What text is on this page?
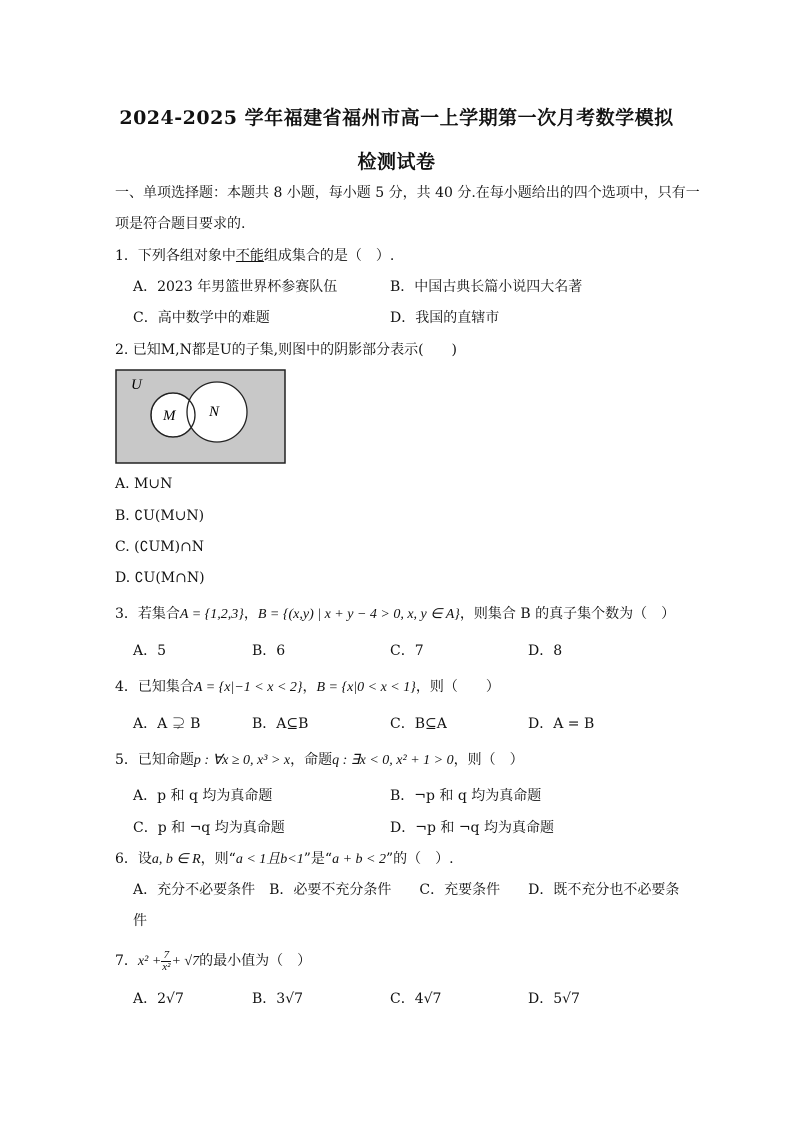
2024-2025 学年福建省福州市高一上学期第一次月考数学模拟
检测试卷
一、单项选择题：本题共 8 小题，每小题 5 分，共 40 分.在每小题给出的四个选项中，只有一
项是符合题目要求的.
1．下列各组对象中不能组成集合的是（　）.
A．2023 年男篮世界杯参赛队伍	B．中国古典长篇小说四大名著
C．高中数学中的难题	D．我国的直辖市
2. 已知M,N都是U的子集,则图中的阴影部分表示(　　)
U
M N
A. M∪N
B. ∁U(M∪N)
C. (∁UM)∩N
D. ∁U(M∩N)
3．若集合A = {1,2,3}，B = {(x,y) | x + y − 4 > 0, x, y ∈ A}，则集合 B 的真子集个数为（　）
A．5	B．6	C．7	D．8
4．已知集合A = {x|−1 < x < 2}，B = {x|0 < x < 1}，则（　　）
A．A ⊋ B	B．A⊆B	C．B⊆A	D．A = B
5．已知命题p : ∀x ≥ 0, x³ > x，命题q : ∃x < 0, x² + 1 > 0，则（　）
A．p 和 q 均为真命题	B．¬p 和 q 均为真命题
C．p 和 ¬q 均为真命题	D．¬p 和 ¬q 均为真命题
6．设a, b ∈ R，则“a < 1且b<1”是“a + b < 2”的（　）.
A．充分不必要条件　B．必要不充分条件　　C．充要条件　　D．既不充分也不必要条
件
7．$x^2 + \frac{7}{\text{x²}} + √7$的最小值为（　）
A．2√7	B．3√7	C．4√7	D．5√7
